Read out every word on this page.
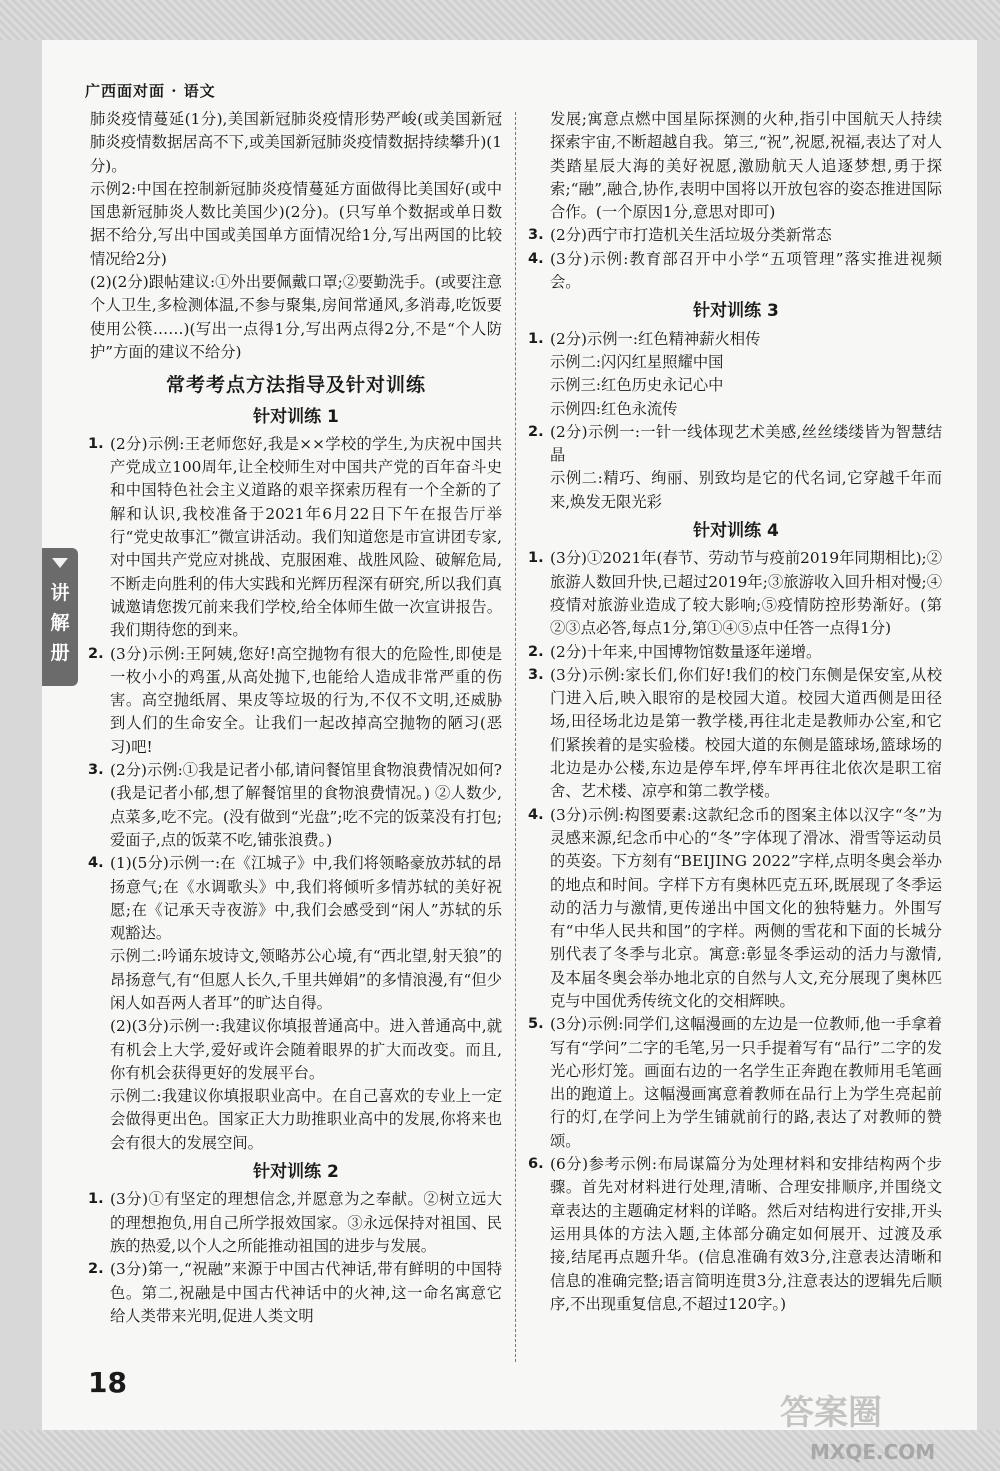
广西面对面 · 语文
讲
解
册

肺炎疫情蔓延(1分),美国新冠肺炎疫情形势严峻(或美国新冠肺炎疫情数据居高不下,或美国新冠肺炎疫情数据持续攀升)(1分)。

示例2:中国在控制新冠肺炎疫情蔓延方面做得比美国好(或中国患新冠肺炎人数比美国少)(2分)。(只写单个数据或单日数据不给分,写出中国或美国单方面情况给1分,写出两国的比较情况给2分)

(2)(2分)跟帖建议:①外出要佩戴口罩;②要勤洗手。(或要注意个人卫生,多检测体温,不参与聚集,房间常通风,多消毒,吃饭要使用公筷……)(写出一点得1分,写出两点得2分,不是“个人防护”方面的建议不给分)

常考考点方法指导及针对训练
针对训练 1
1. (2分)示例:王老师您好,我是××学校的学生,为庆祝中国共产党成立100周年,让全校师生对中国共产党的百年奋斗史和中国特色社会主义道路的艰辛探索历程有一个全新的了解和认识,我校准备于2021年6月22日下午在报告厅举行“党史故事汇”微宣讲活动。我们知道您是市宣讲团专家,对中国共产党应对挑战、克服困难、战胜风险、破解危局,不断走向胜利的伟大实践和光辉历程深有研究,所以我们真诚邀请您拨冗前来我们学校,给全体师生做一次宣讲报告。我们期待您的到来。

2. (3分)示例:王阿姨,您好!高空抛物有很大的危险性,即使是一枚小小的鸡蛋,从高处抛下,也能给人造成非常严重的伤害。高空抛纸屑、果皮等垃圾的行为,不仅不文明,还威胁到人们的生命安全。让我们一起改掉高空抛物的陋习(恶习)吧!

3. (2分)示例:①我是记者小郁,请问餐馆里食物浪费情况如何?(我是记者小郁,想了解餐馆里的食物浪费情况。) ②人数少,点菜多,吃不完。(没有做到“光盘”;吃不完的饭菜没有打包;爱面子,点的饭菜不吃,铺张浪费。)

4. (1)(5分)示例一:在《江城子》中,我们将领略豪放苏轼的昂扬意气;在《水调歌头》中,我们将倾听多情苏轼的美好祝愿;在《记承天寺夜游》中,我们会感受到“闲人”苏轼的乐观豁达。
示例二:吟诵东坡诗文,领略苏公心境,有“西北望,射天狼”的昂扬意气,有“但愿人长久,千里共婵娟”的多情浪漫,有“但少闲人如吾两人者耳”的旷达自得。
(2)(3分)示例一:我建议你填报普通高中。进入普通高中,就有机会上大学,爱好或许会随着眼界的扩大而改变。而且,你有机会获得更好的发展平台。
示例二:我建议你填报职业高中。在自己喜欢的专业上一定会做得更出色。国家正大力助推职业高中的发展,你将来也会有很大的发展空间。

针对训练 2
1. (3分)①有坚定的理想信念,并愿意为之奉献。②树立远大的理想抱负,用自己所学报效国家。③永远保持对祖国、民族的热爱,以个人之所能推动祖国的进步与发展。

2. (3分)第一,“祝融”来源于中国古代神话,带有鲜明的中国特色。第二,祝融是中国古代神话中的火神,这一命名寓意它给人类带来光明,促进人类文明

发展;寓意点燃中国星际探测的火种,指引中国航天人持续探索宇宙,不断超越自我。第三,“祝”,祝愿,祝福,表达了对人类踏星辰大海的美好祝愿,激励航天人追逐梦想,勇于探索;“融”,融合,协作,表明中国将以开放包容的姿态推进国际合作。(一个原因1分,意思对即可)

3. (2分)西宁市打造机关生活垃圾分类新常态

4. (3分)示例:教育部召开中小学“五项管理”落实推进视频会。

针对训练 3
1. (2分)示例一:红色精神薪火相传
示例二:闪闪红星照耀中国
示例三:红色历史永记心中
示例四:红色永流传

2. (2分)示例一:一针一线体现艺术美感,丝丝缕缕皆为智慧结晶
示例二:精巧、绚丽、别致均是它的代名词,它穿越千年而来,焕发无限光彩

针对训练 4
1. (3分)①2021年(春节、劳动节与疫前2019年同期相比);②旅游人数回升快,已超过2019年;③旅游收入回升相对慢;④疫情对旅游业造成了较大影响;⑤疫情防控形势渐好。(第②③点必答,每点1分,第①④⑤点中任答一点得1分)

2. (2分)十年来,中国博物馆数量逐年递增。

3. (3分)示例:家长们,你们好!我们的校门东侧是保安室,从校门进入后,映入眼帘的是校园大道。校园大道西侧是田径场,田径场北边是第一教学楼,再往北走是教师办公室,和它们紧挨着的是实验楼。校园大道的东侧是篮球场,篮球场的北边是办公楼,东边是停车坪,停车坪再往北依次是职工宿舍、艺术楼、凉亭和第二教学楼。

4. (3分)示例:构图要素:这款纪念币的图案主体以汉字“冬”为灵感来源,纪念币中心的“冬”字体现了滑冰、滑雪等运动员的英姿。下方刻有“BEIJING 2022”字样,点明冬奥会举办的地点和时间。字样下方有奥林匹克五环,既展现了冬季运动的活力与激情,更传递出中国文化的独特魅力。外围写有“中华人民共和国”的字样。两侧的雪花和下面的长城分别代表了冬季与北京。寓意:彰显冬季运动的活力与激情,及本届冬奥会举办地北京的自然与人文,充分展现了奥林匹克与中国优秀传统文化的交相辉映。

5. (3分)示例:同学们,这幅漫画的左边是一位教师,他一手拿着写有“学问”二字的毛笔,另一只手提着写有“品行”二字的发光心形灯笼。画面右边的一名学生正奔跑在教师用毛笔画出的跑道上。这幅漫画寓意着教师在品行上为学生亮起前行的灯,在学问上为学生铺就前行的路,表达了对教师的赞颂。

6. (6分)参考示例:布局谋篇分为处理材料和安排结构两个步骤。首先对材料进行处理,清晰、合理安排顺序,并围绕文章表达的主题确定材料的详略。然后对结构进行安排,开头运用具体的方法入题,主体部分确定如何展开、过渡及承接,结尾再点题升华。(信息准确有效3分,注意表达清晰和信息的准确完整;语言简明连贯3分,注意表达的逻辑先后顺序,不出现重复信息,不超过120字。)

18
答案圈
MXQE.COM
